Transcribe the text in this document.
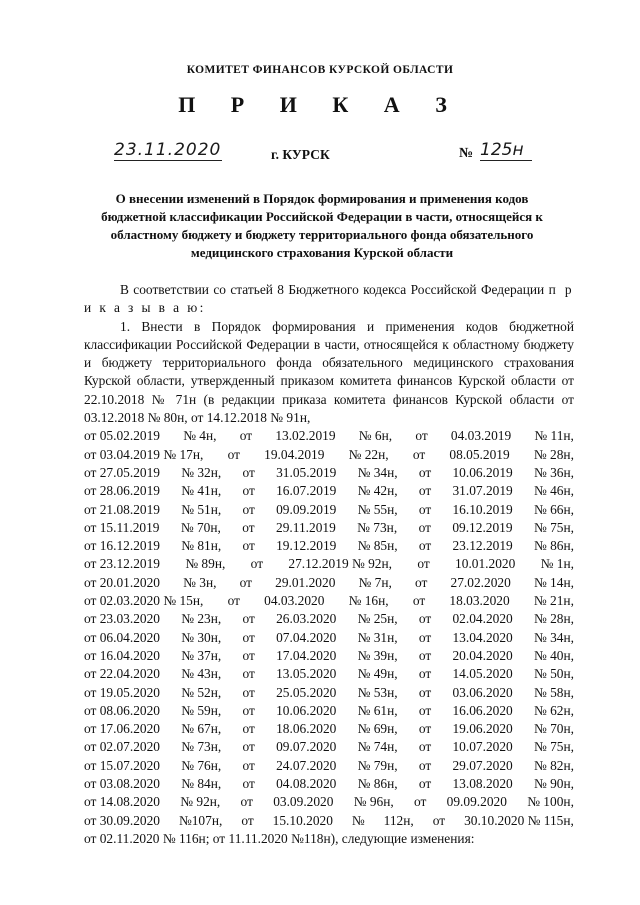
КОМИТЕТ ФИНАНСОВ КУРСКОЙ ОБЛАСТИ
П Р И К А З
23.11.2020	г. КУРСК	№ 125н
О внесении изменений в Порядок формирования и применения кодов бюджетной классификации Российской Федерации в части, относящейся к областному бюджету и бюджету территориального фонда обязательного медицинского страхования Курской области

В соответствии со статьей 8 Бюджетного кодекса Российской Федерации п р и к а з ы в а ю:

1. Внести в Порядок формирования и применения кодов бюджетной классификации Российской Федерации в части, относящейся к областному бюджету и бюджету территориального фонда обязательного медицинского страхования Курской области, утвержденный приказом комитета финансов Курской области от 22.10.2018 № 71н (в редакции приказа комитета финансов Курской области от 03.12.2018 № 80н, от 14.12.2018 № 91н,

от 05.02.2019 № 4н, от 13.02.2019 № 6н, от 04.03.2019 № 11н,
от 03.04.2019 № 17н, от 19.04.2019 № 22н, от 08.05.2019 № 28н,
от 27.05.2019 № 32н, от 31.05.2019 № 34н, от 10.06.2019 № 36н,
от 28.06.2019 № 41н, от 16.07.2019 № 42н, от 31.07.2019 № 46н,
от 21.08.2019 № 51н, от 09.09.2019 № 55н, от 16.10.2019 № 66н,
от 15.11.2019 № 70н, от 29.11.2019 № 73н, от 09.12.2019 № 75н,
от 16.12.2019 № 81н, от 19.12.2019 № 85н, от 23.12.2019 № 86н,
от 23.12.2019 № 89н, от 27.12.2019 № 92н, от 10.01.2020 № 1н,
от 20.01.2020 № 3н, от 29.01.2020 № 7н, от 27.02.2020 № 14н,
от 02.03.2020 № 15н, от 04.03.2020 № 16н, от 18.03.2020 № 21н,
от 23.03.2020 № 23н, от 26.03.2020 № 25н, от 02.04.2020 № 28н,
от 06.04.2020 № 30н, от 07.04.2020 № 31н, от 13.04.2020 № 34н,
от 16.04.2020 № 37н, от 17.04.2020 № 39н, от 20.04.2020 № 40н,
от 22.04.2020 № 43н, от 13.05.2020 № 49н, от 14.05.2020 № 50н,
от 19.05.2020 № 52н, от 25.05.2020 № 53н, от 03.06.2020 № 58н,
от 08.06.2020 № 59н, от 10.06.2020 № 61н, от 16.06.2020 № 62н,
от 17.06.2020 № 67н, от 18.06.2020 № 69н, от 19.06.2020 № 70н,
от 02.07.2020 № 73н, от 09.07.2020 № 74н, от 10.07.2020 № 75н,
от 15.07.2020 № 76н, от 24.07.2020 № 79н, от 29.07.2020 № 82н,
от 03.08.2020 № 84н, от 04.08.2020 № 86н, от 13.08.2020 № 90н,
от 14.08.2020 № 92н, от 03.09.2020 № 96н, от 09.09.2020 № 100н,
от 30.09.2020 №107н, от 15.10.2020 № 112н, от 30.10.2020 № 115н,
от 02.11.2020 № 116н; от 11.11.2020 №118н), следующие изменения:
